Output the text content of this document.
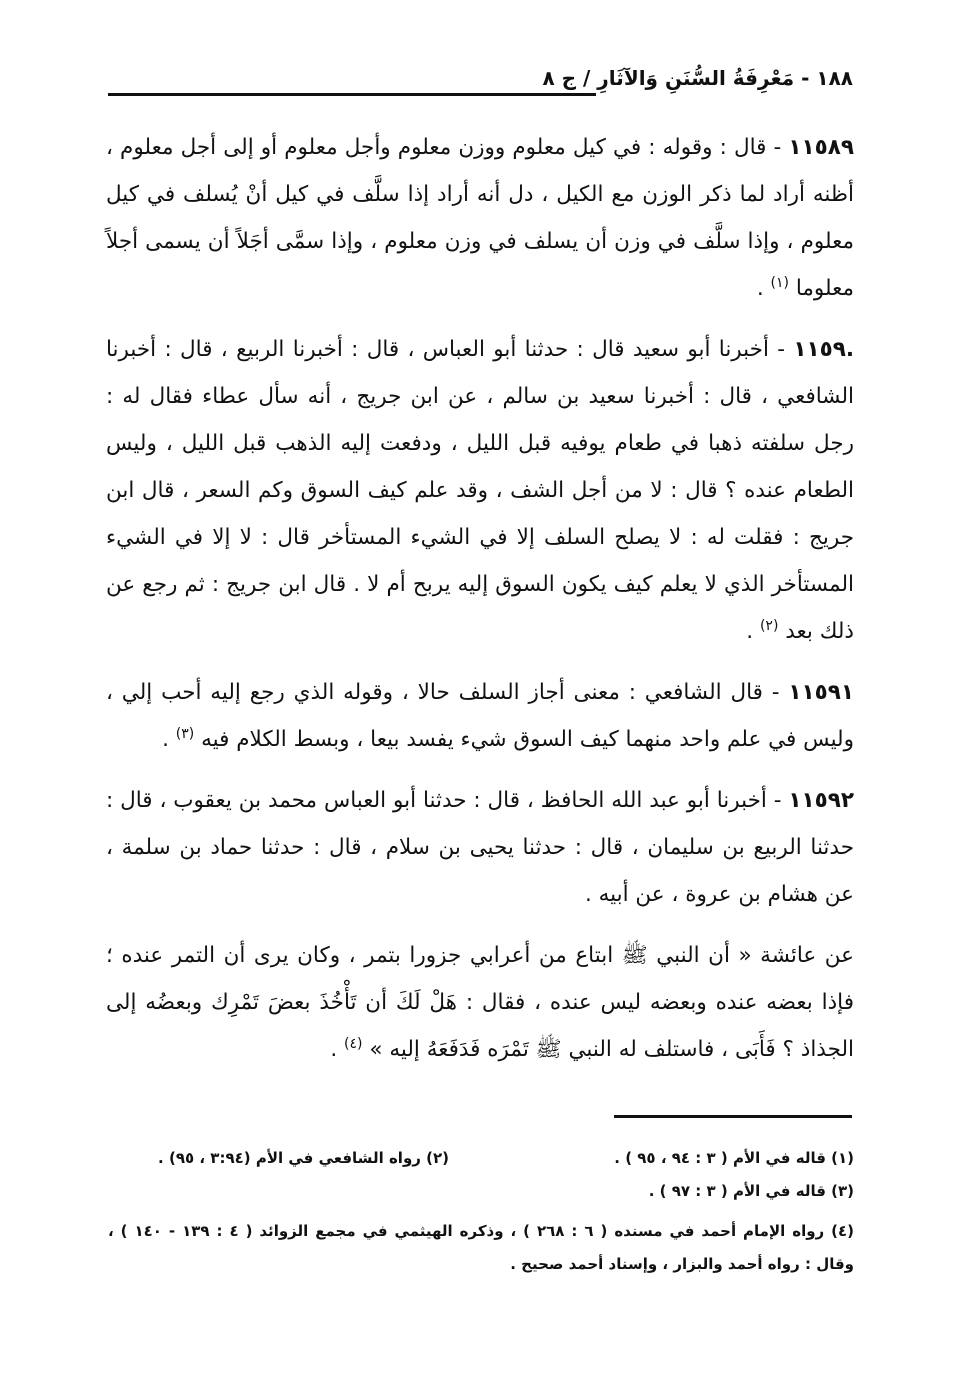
١٨٨ - مَعْرِفَةُ السُّنَنِ وَالآثَارِ / ج ٨

١١٥٨٩ - قال : وقوله : في كيل معلوم ووزن معلوم وأجل معلوم أو إلى أجل معلوم ، أظنه أراد لما ذكر الوزن مع الكيل ، دل أنه أراد إذا سلَّف في كيل أنْ يُسلف في كيل معلوم ، وإذا سلَّف في وزن أن يسلف في وزن معلوم ، وإذا سمَّى أجَلاً أن يسمى أجلاً معلوما $^{(١)}$ .

.١١٥٩ - أخبرنا أبو سعيد قال : حدثنا أبو العباس ، قال : أخبرنا الربيع ، قال : أخبرنا الشافعي ، قال : أخبرنا سعيد بن سالم ، عن ابن جريج ، أنه سأل عطاء فقال له : رجل سلفته ذهبا في طعام يوفيه قبل الليل ، ودفعت إليه الذهب قبل الليل ، وليس الطعام عنده ؟ قال : لا من أجل الشف ، وقد علم كيف السوق وكم السعر ، قال ابن جريج : فقلت له : لا يصلح السلف إلا في الشيء المستأخر قال : لا إلا في الشيء المستأخر الذي لا يعلم كيف يكون السوق إليه يربح أم لا . قال ابن جريج : ثم رجع عن ذلك بعد $^{(٢)}$ .

١١٥٩١ - قال الشافعي : معنى أجاز السلف حالا ، وقوله الذي رجع إليه أحب إلي ، وليس في علم واحد منهما كيف السوق شيء يفسد بيعا ، وبسط الكلام فيه $^{(٣)}$ .

١١٥٩٢ - أخبرنا أبو عبد الله الحافظ ، قال : حدثنا أبو العباس محمد بن يعقوب ، قال : حدثنا الربيع بن سليمان ، قال : حدثنا يحيى بن سلام ، قال : حدثنا حماد بن سلمة ، عن هشام بن عروة ، عن أبيه .

عن عائشة « أن النبي ﷺ ابتاع من أعرابي جزورا بتمر ، وكان يرى أن التمر عنده ؛ فإذا بعضه عنده وبعضه ليس عنده ، فقال : هَلْ لَكَ أن تَأْخُذَ بعضَ تَمْرِك وبعضُه إلى الجذاذ ؟ فَأَبَى ، فاستلف له النبي ﷺ تَمْرَه فَدَفَعَهُ إليه » $^{(٤)}$ .

(١) قاله في الأم ( ٣ : ٩٤ ، ٩٥ ) .
(٢) رواه الشافعي في الأم (٣:٩٤ ، ٩٥) .
(٣) قاله في الأم ( ٣ : ٩٧ ) .
(٤) رواه الإمام أحمد في مسنده ( ٦ : ٢٦٨ ) ، وذكره الهيثمي في مجمع الزوائد ( ٤ : ١٣٩ - ١٤٠ ) ، وقال : رواه أحمد والبزار ، وإسناد أحمد صحيح .
